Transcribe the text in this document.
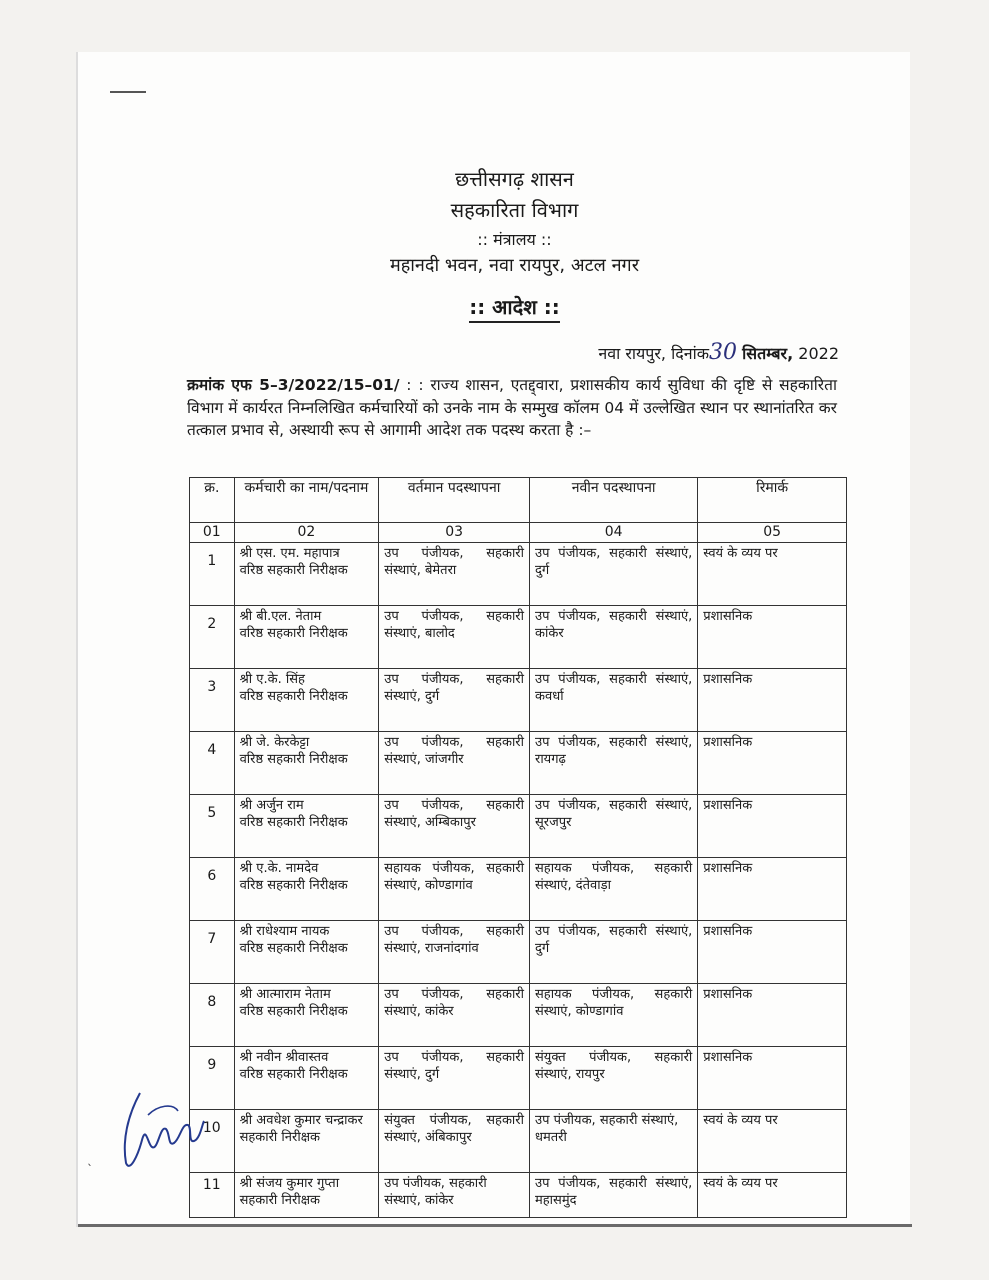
छत्तीसगढ़ शासन
सहकारिता विभाग
:: मंत्रालय ::
महानदी भवन, नवा रायपुर, अटल नगर
:: आदेश ::
नवा रायपुर, दिनांक30 सितम्बर, 2022
क्रमांक एफ 5–3/2022/15–01/ : : राज्य शासन, एतद्द्वारा, प्रशासकीय कार्य सुविधा की दृष्टि से सहकारिता विभाग में कार्यरत निम्नलिखित कर्मचारियों को उनके नाम के सम्मुख कॉलम 04 में उल्लेखित स्थान पर स्थानांतरित कर तत्काल प्रभाव से, अस्थायी रूप से आगामी आदेश तक पदस्थ करता है :–
क्र.	कर्मचारी का नाम/पदनाम	वर्तमान पदस्थापना	नवीन पदस्थापना	रिमार्क
01	02	03	04	05
1	श्री एस. एम. महापात्र
वरिष्ठ सहकारी निरीक्षक	उप पंजीयक, सहकारी संस्थाएं, बेमेतरा	उप पंजीयक, सहकारी संस्थाएं, दुर्ग	स्वयं के व्यय पर
2	श्री बी.एल. नेताम
वरिष्ठ सहकारी निरीक्षक	उप पंजीयक, सहकारी संस्थाएं, बालोद	उप पंजीयक, सहकारी संस्थाएं, कांकेर	प्रशासनिक
3	श्री ए.के. सिंह
वरिष्ठ सहकारी निरीक्षक	उप पंजीयक, सहकारी संस्थाएं, दुर्ग	उप पंजीयक, सहकारी संस्थाएं, कवर्धा	प्रशासनिक
4	श्री जे. केरकेट्टा
वरिष्ठ सहकारी निरीक्षक	उप पंजीयक, सहकारी संस्थाएं, जांजगीर	उप पंजीयक, सहकारी संस्थाएं, रायगढ़	प्रशासनिक
5	श्री अर्जुन राम
वरिष्ठ सहकारी निरीक्षक	उप पंजीयक, सहकारी संस्थाएं, अम्बिकापुर	उप पंजीयक, सहकारी संस्थाएं, सूरजपुर	प्रशासनिक
6	श्री ए.के. नामदेव
वरिष्ठ सहकारी निरीक्षक	सहायक पंजीयक, सहकारी संस्थाएं, कोण्डागांव	सहायक पंजीयक, सहकारी संस्थाएं, दंतेवाड़ा	प्रशासनिक
7	श्री राधेश्याम नायक
वरिष्ठ सहकारी निरीक्षक	उप पंजीयक, सहकारी संस्थाएं, राजनांदगांव	उप पंजीयक, सहकारी संस्थाएं, दुर्ग	प्रशासनिक
8	श्री आत्माराम नेताम
वरिष्ठ सहकारी निरीक्षक	उप पंजीयक, सहकारी संस्थाएं, कांकेर	सहायक पंजीयक, सहकारी संस्थाएं, कोण्डागांव	प्रशासनिक
9	श्री नवीन श्रीवास्तव
वरिष्ठ सहकारी निरीक्षक	उप पंजीयक, सहकारी संस्थाएं, दुर्ग	संयुक्त पंजीयक, सहकारी संस्थाएं, रायपुर	प्रशासनिक
10	श्री अवधेश कुमार चन्द्राकर
सहकारी निरीक्षक	संयुक्त पंजीयक, सहकारी संस्थाएं, अंबिकापुर	उप पंजीयक, सहकारी संस्थाएं, धमतरी	स्वयं के व्यय पर
11	श्री संजय कुमार गुप्ता
सहकारी निरीक्षक	उप पंजीयक, सहकारी संस्थाएं, कांकेर	उप पंजीयक, सहकारी संस्थाएं, महासमुंद	स्वयं के व्यय पर
ˎ
